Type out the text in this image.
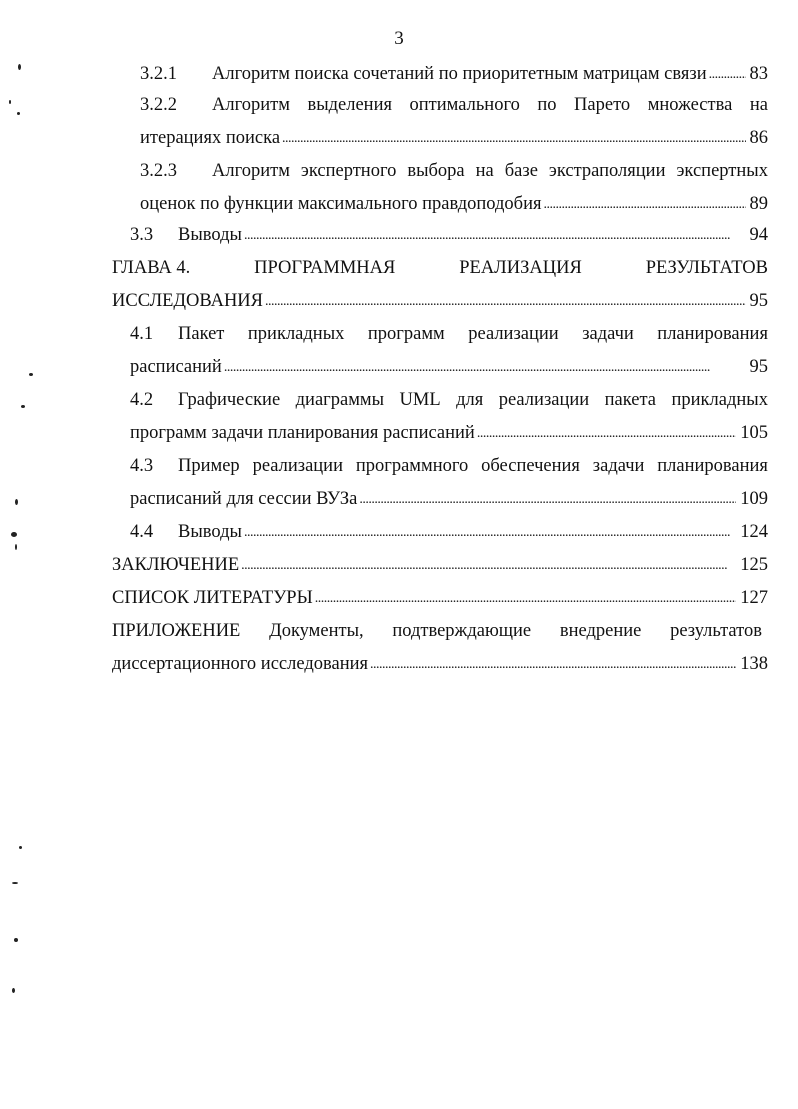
3
3.2.1	Алгоритм поиска сочетаний по приоритетным матрицам связи . . . 83
3.2.2	Алгоритм выделения оптимального по Парето множества на
итерациях поиска . . .	86
3.2.3	Алгоритм экспертного выбора на базе экстраполяции экспертных
оценок по функции максимального правдоподобия . . .	89
3.3	Выводы . . .	94
ГЛАВА 4.	ПРОГРАММНАЯ	РЕАЛИЗАЦИЯ	РЕЗУЛЬТАТОВ
ИССЛЕДОВАНИЯ . . .	95
4.1	Пакет прикладных программ реализации задачи планирования
расписаний . . .	95
4.2	Графические диаграммы UML для реализации пакета прикладных
программ задачи планирования расписаний . . .	105
4.3	Пример реализации программного обеспечения задачи планирования
расписаний для сессии ВУЗа . . .	109
4.4	Выводы . . .	124
ЗАКЛЮЧЕНИЕ . . .	125
СПИСОК ЛИТЕРАТУРЫ . . .	127
ПРИЛОЖЕНИЕ Документы, подтверждающие внедрение результатов
диссертационного исследования . . .	138
